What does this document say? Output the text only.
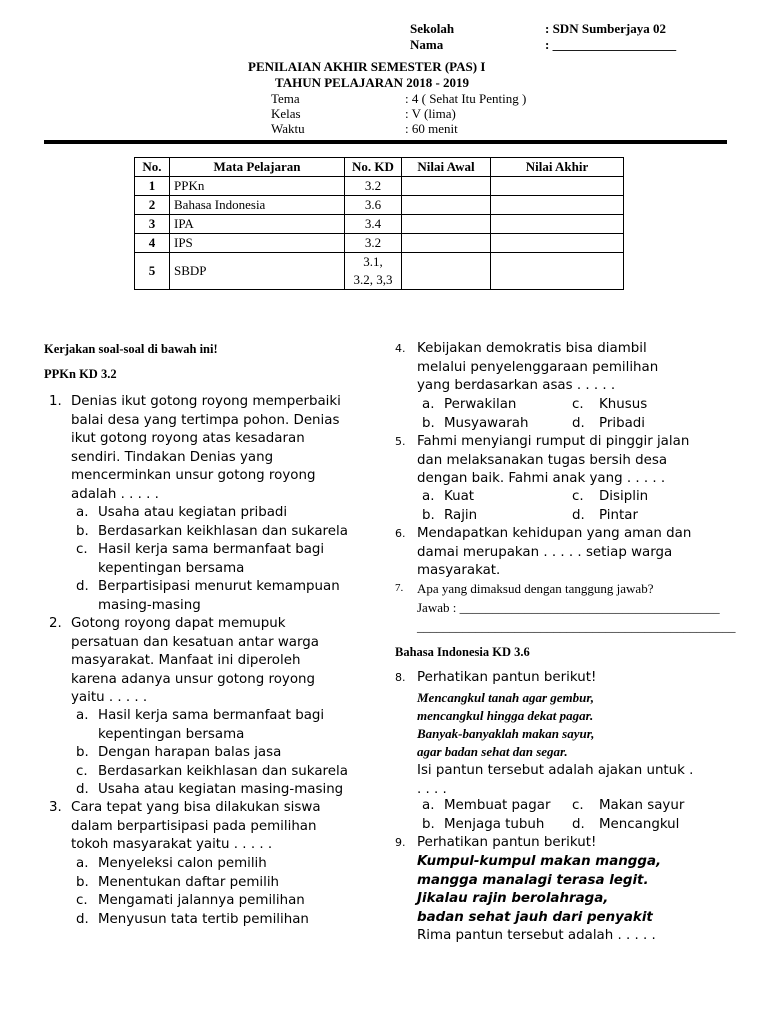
Sekolah	: SDN Sumberjaya 02
Nama	: ___________________
PENILAIAN AKHIR SEMESTER (PAS) I
TAHUN PELAJARAN 2018 - 2019
Tema	: 4 ( Sehat Itu Penting )
Kelas	: V (lima)
Waktu	: 60 menit
No.	Mata Pelajaran	No. KD	Nilai Awal	Nilai Akhir
1	PPKn	3.2		
2	Bahasa Indonesia	3.6		
3	IPA	3.4		
4	IPS	3.2		
5	SBDP	3.1,
3.2, 3,3		

Kerjakan soal-soal di bawah ini!
PPKn KD 3.2
1. Denias ikut gotong royong memperbaiki
balai desa yang tertimpa pohon. Denias
ikut gotong royong atas kesadaran
sendiri. Tindakan Denias yang
mencerminkan unsur gotong royong
adalah . . . . .
a. Usaha atau kegiatan pribadi
b. Berdasarkan keikhlasan dan sukarela
c. Hasil kerja sama bermanfaat bagi
kepentingan bersama
d. Berpartisipasi menurut kemampuan
masing-masing
2. Gotong royong dapat memupuk
persatuan dan kesatuan antar warga
masyarakat. Manfaat ini diperoleh
karena adanya unsur gotong royong
yaitu . . . . .
a. Hasil kerja sama bermanfaat bagi
kepentingan bersama
b. Dengan harapan balas jasa
c. Berdasarkan keikhlasan dan sukarela
d. Usaha atau kegiatan masing-masing
3. Cara tepat yang bisa dilakukan siswa
dalam berpartisipasi pada pemilihan
tokoh masyarakat yaitu . . . . .
a. Menyeleksi calon pemilih
b. Menentukan daftar pemilih
c. Mengamati jalannya pemilihan
d. Menyusun tata tertib pemilihan
4. Kebijakan demokratis bisa diambil
melalui penyelenggaraan pemilihan
yang berdasarkan asas . . . . .
a. Perwakilan	c. Khusus
b. Musyawarah	d. Pribadi
5. Fahmi menyiangi rumput di pinggir jalan
dan melaksanakan tugas bersih desa
dengan baik. Fahmi anak yang . . . . .
a. Kuat	c. Disiplin
b. Rajin	d. Pintar
6. Mendapatkan kehidupan yang aman dan
damai merupakan . . . . . setiap warga
masyarakat.
7. Apa yang dimaksud dengan tanggung jawab?
Jawab : ________________________________________
_________________________________________________
Bahasa Indonesia KD 3.6
8. Perhatikan pantun berikut!
Mencangkul tanah agar gembur,
mencangkul hingga dekat pagar.
Banyak-banyaklah makan sayur,
agar badan sehat dan segar.
Isi pantun tersebut adalah ajakan untuk .
. . . .
a. Membuat pagar c. Makan sayur
b. Menjaga tubuh d. Mencangkul
9. Perhatikan pantun berikut!
Kumpul-kumpul makan mangga,
mangga manalagi terasa legit.
Jikalau rajin berolahraga,
badan sehat jauh dari penyakit
Rima pantun tersebut adalah . . . . .
